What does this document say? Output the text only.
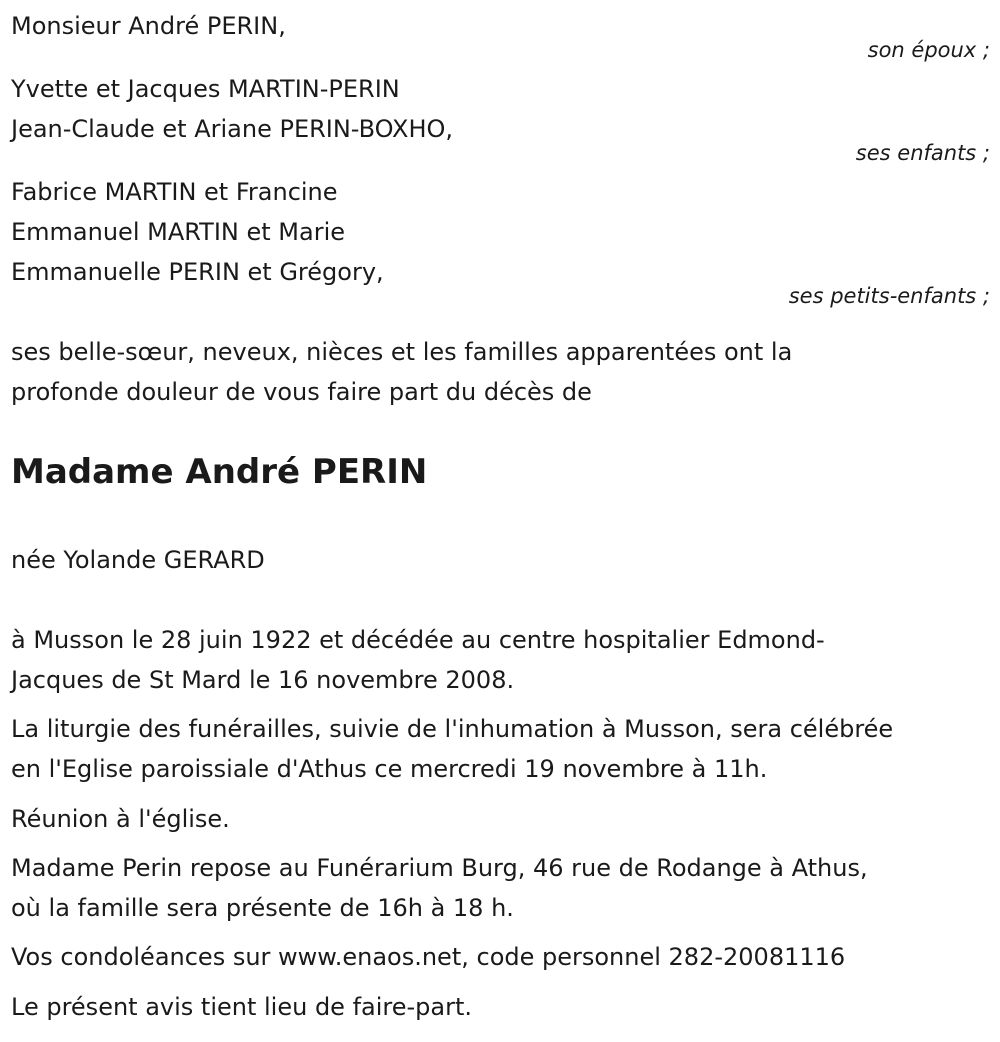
Monsieur André PERIN,
son époux ;
Yvette et Jacques MARTIN-PERIN
Jean-Claude et Ariane PERIN-BOXHO,
ses enfants ;
Fabrice MARTIN et Francine
Emmanuel MARTIN et Marie
Emmanuelle PERIN et Grégory,
ses petits-enfants ;
ses belle-sœur, neveux, nièces et les familles apparentées ont la
profonde douleur de vous faire part du décès de
Madame André PERIN
née Yolande GERARD
à Musson le 28 juin 1922 et décédée au centre hospitalier Edmond-
Jacques de St Mard le 16 novembre 2008.
La liturgie des funérailles, suivie de l'inhumation à Musson, sera célébrée
en l'Eglise paroissiale d'Athus ce mercredi 19 novembre à 11h.
Réunion à l'église.
Madame Perin repose au Funérarium Burg, 46 rue de Rodange à Athus,
où la famille sera présente de 16h à 18 h.
Vos condoléances sur www.enaos.net, code personnel 282-20081116
Le présent avis tient lieu de faire-part.
